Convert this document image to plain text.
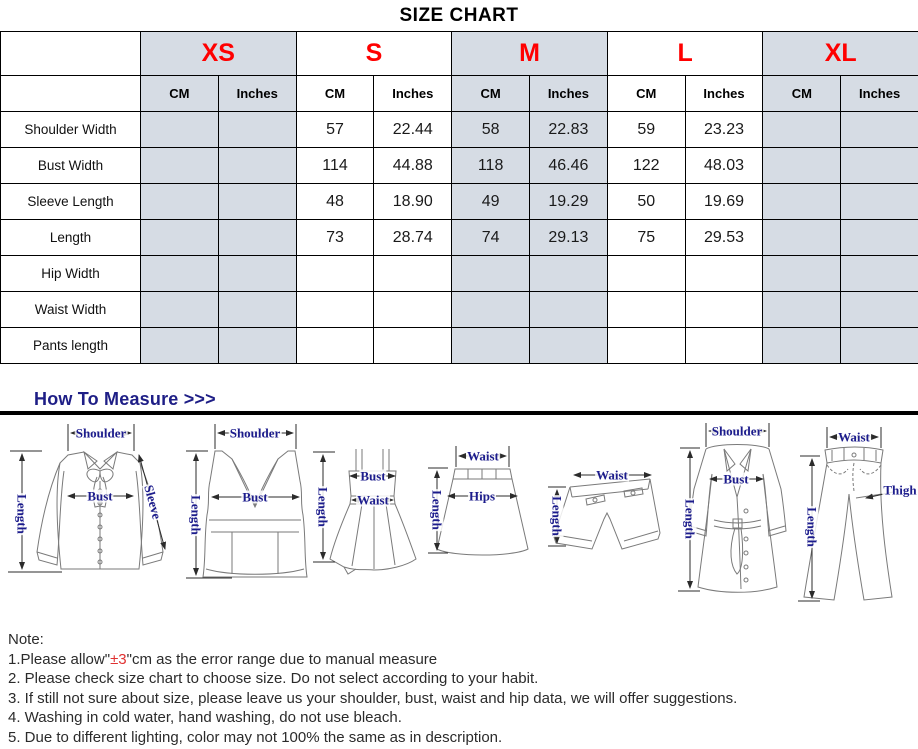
SIZE CHART
	XS		S		M		L		XL	
	CM	Inches	CM	Inches	CM	Inches	CM	Inches	CM	Inches
Shoulder Width			57	22.44	58	22.83	59	23.23		
Bust Width			114	44.88	118	46.46	122	48.03		
Sleeve Length			48	18.90	49	19.29	50	19.69		
Length			73	28.74	74	29.13	75	29.53		
Hip Width										
Waist Width										
Pants length										
How To Measure >>>
Shoulder
Length	Bust Sleeve
Shoulder
Length	Bust	Length
Bust
Waist
Waist
Length Hips
Waist
Length
Shoulder
Bust
Length
Waist
Length
Thigh
Note:
1.Please allow"±3"cm as the error range due to manual measure
2. Please check size chart to choose size. Do not select according to your habit.
3. If still not sure about size, please leave us your shoulder, bust, waist and hip data, we will offer suggestions.
4. Washing in cold water, hand washing, do not use bleach.
5. Due to different lighting, color may not 100% the same as in description.
